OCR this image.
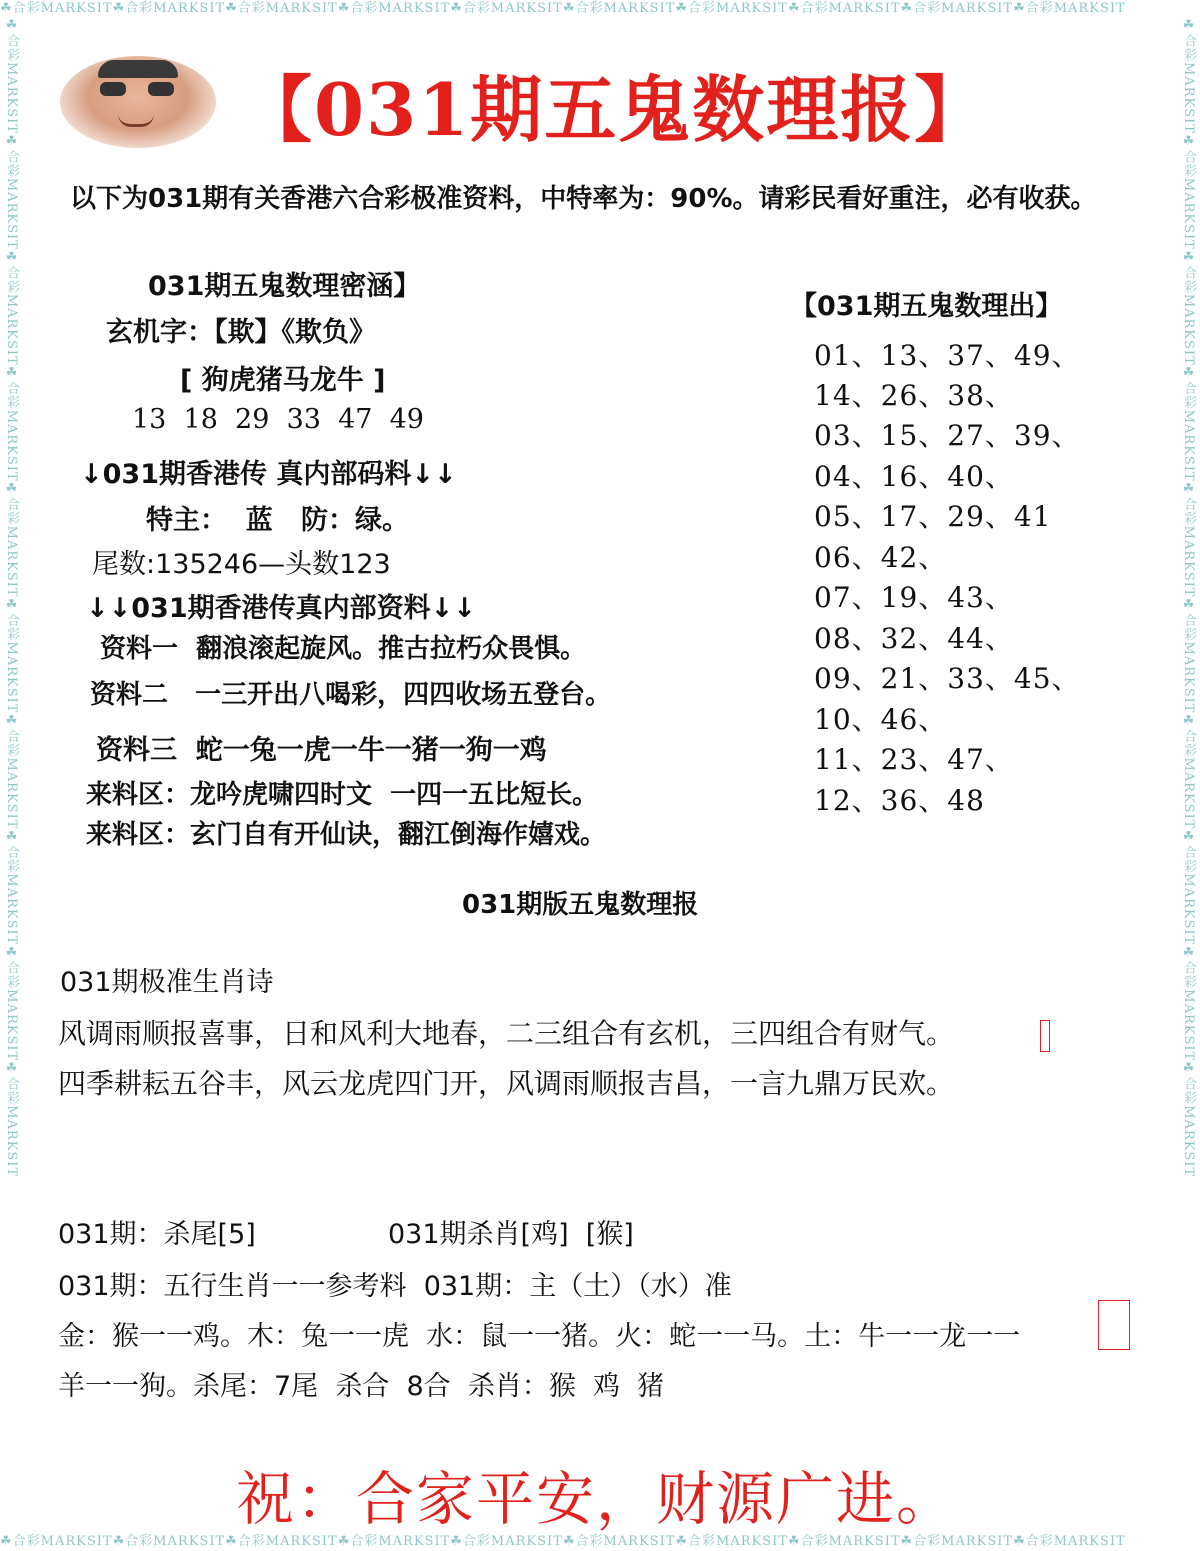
☘合彩MARKSIT☘合彩MARKSIT☘合彩MARKSIT☘合彩MARKSIT☘合彩MARKSIT☘合彩MARKSIT☘合彩MARKSIT☘合彩MARKSIT☘合彩MARKSIT☘合彩MARKSIT
☘合彩MARKSIT☘合彩MARKSIT☘合彩MARKSIT☘合彩MARKSIT☘合彩MARKSIT☘合彩MARKSIT☘合彩MARKSIT☘合彩MARKSIT☘合彩MARKSIT☘合彩MARKSIT
☘合彩MARKSIT☘合彩MARKSIT☘合彩MARKSIT☘合彩MARKSIT☘合彩MARKSIT☘合彩MARKSIT☘合彩MARKSIT☘合彩MARKSIT☘合彩MARKSIT☘合彩MARKSIT	☘合彩MARKSIT☘合彩MARKSIT☘合彩MARKSIT☘合彩MARKSIT☘合彩MARKSIT☘合彩MARKSIT☘合彩MARKSIT☘合彩MARKSIT☘合彩MARKSIT☘合彩MARKSIT
【031期五鬼数理报】
以下为031期有关香港六合彩极准资料，中特率为：90%。请彩民看好重注，必有收获。
031期五鬼数理密涵】
玄机字：【欺】《欺负》
[ 狗虎猪马龙牛 ]
13  18  29  33  47  49
↓031期香港传 真内部码料↓↓
特主：  蓝   防：绿。
尾数:135246—头数123
↓↓031期香港传真内部资料↓↓
资料一  翻浪滚起旋风。推古拉朽众畏惧。
资料二   一三开出八喝彩，四四收场五登台。
资料三  蛇一兔一虎一牛一猪一狗一鸡
来料区：龙吟虎啸四时文  一四一五比短长。
来料区：玄门自有开仙诀，翻江倒海作嬉戏。
【031期五鬼数理出】
01、13、37、49、
14、26、38、
03、15、27、39、
04、16、40、
05、17、29、41
06、42、
07、19、43、
08、32、44、
09、21、33、45、
10、46、
11、23、47、
12、36、48
031期版五鬼数理报
031期极准生肖诗
风调雨顺报喜事，日和风利大地春，二三组合有玄机，三四组合有财气。
四季耕耘五谷丰，风云龙虎四门开，风调雨顺报吉昌，一言九鼎万民欢。
031期：杀尾[5]	031期杀肖[鸡]  [猴]
031期：五行生肖一一参考料  031期：主（土）（水）准
金：猴一一鸡。木：兔一一虎  水：鼠一一猪。火：蛇一一马。土：牛一一龙一一
羊一一狗。杀尾：7尾  杀合  8合  杀肖：猴  鸡  猪
祝：合家平安，财源广进。
